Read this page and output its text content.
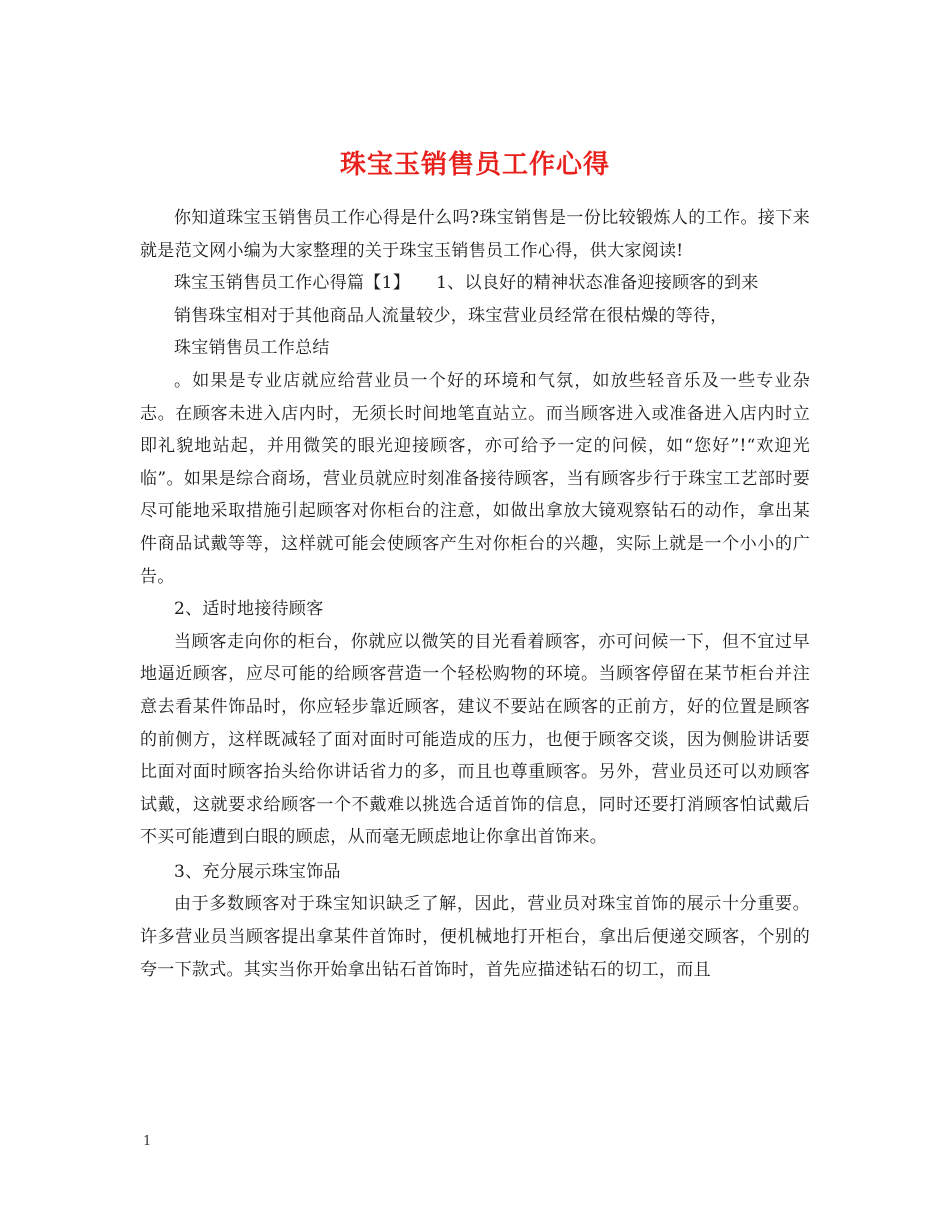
珠宝玉销售员工作心得

你知道珠宝玉销售员工作心得是什么吗?珠宝销售是一份比较锻炼人的工作。接下来就是范文网小编为大家整理的关于珠宝玉销售员工作心得，供大家阅读!

珠宝玉销售员工作心得篇【1】　　1、以良好的精神状态准备迎接顾客的到来

销售珠宝相对于其他商品人流量较少，珠宝营业员经常在很枯燥的等待，

珠宝销售员工作总结

。如果是专业店就应给营业员一个好的环境和气氛，如放些轻音乐及一些专业杂志。在顾客未进入店内时，无须长时间地笔直站立。而当顾客进入或准备进入店内时立即礼貌地站起，并用微笑的眼光迎接顾客，亦可给予一定的问候，如“您好”!“欢迎光临”。如果是综合商场，营业员就应时刻准备接待顾客，当有顾客步行于珠宝工艺部时要尽可能地采取措施引起顾客对你柜台的注意，如做出拿放大镜观察钻石的动作，拿出某件商品试戴等等，这样就可能会使顾客产生对你柜台的兴趣，实际上就是一个小小的广告。

2、适时地接待顾客

当顾客走向你的柜台，你就应以微笑的目光看着顾客，亦可问候一下，但不宜过早地逼近顾客，应尽可能的给顾客营造一个轻松购物的环境。当顾客停留在某节柜台并注意去看某件饰品时，你应轻步靠近顾客，建议不要站在顾客的正前方，好的位置是顾客的前侧方，这样既减轻了面对面时可能造成的压力，也便于顾客交谈，因为侧脸讲话要比面对面时顾客抬头给你讲话省力的多，而且也尊重顾客。另外，营业员还可以劝顾客试戴，这就要求给顾客一个不戴难以挑选合适首饰的信息，同时还要打消顾客怕试戴后不买可能遭到白眼的顾虑，从而毫无顾虑地让你拿出首饰来。

3、充分展示珠宝饰品

由于多数顾客对于珠宝知识缺乏了解，因此，营业员对珠宝首饰的展示十分重要。许多营业员当顾客提出拿某件首饰时，便机械地打开柜台，拿出后便递交顾客，个别的夸一下款式。其实当你开始拿出钻石首饰时，首先应描述钻石的切工，而且

1
